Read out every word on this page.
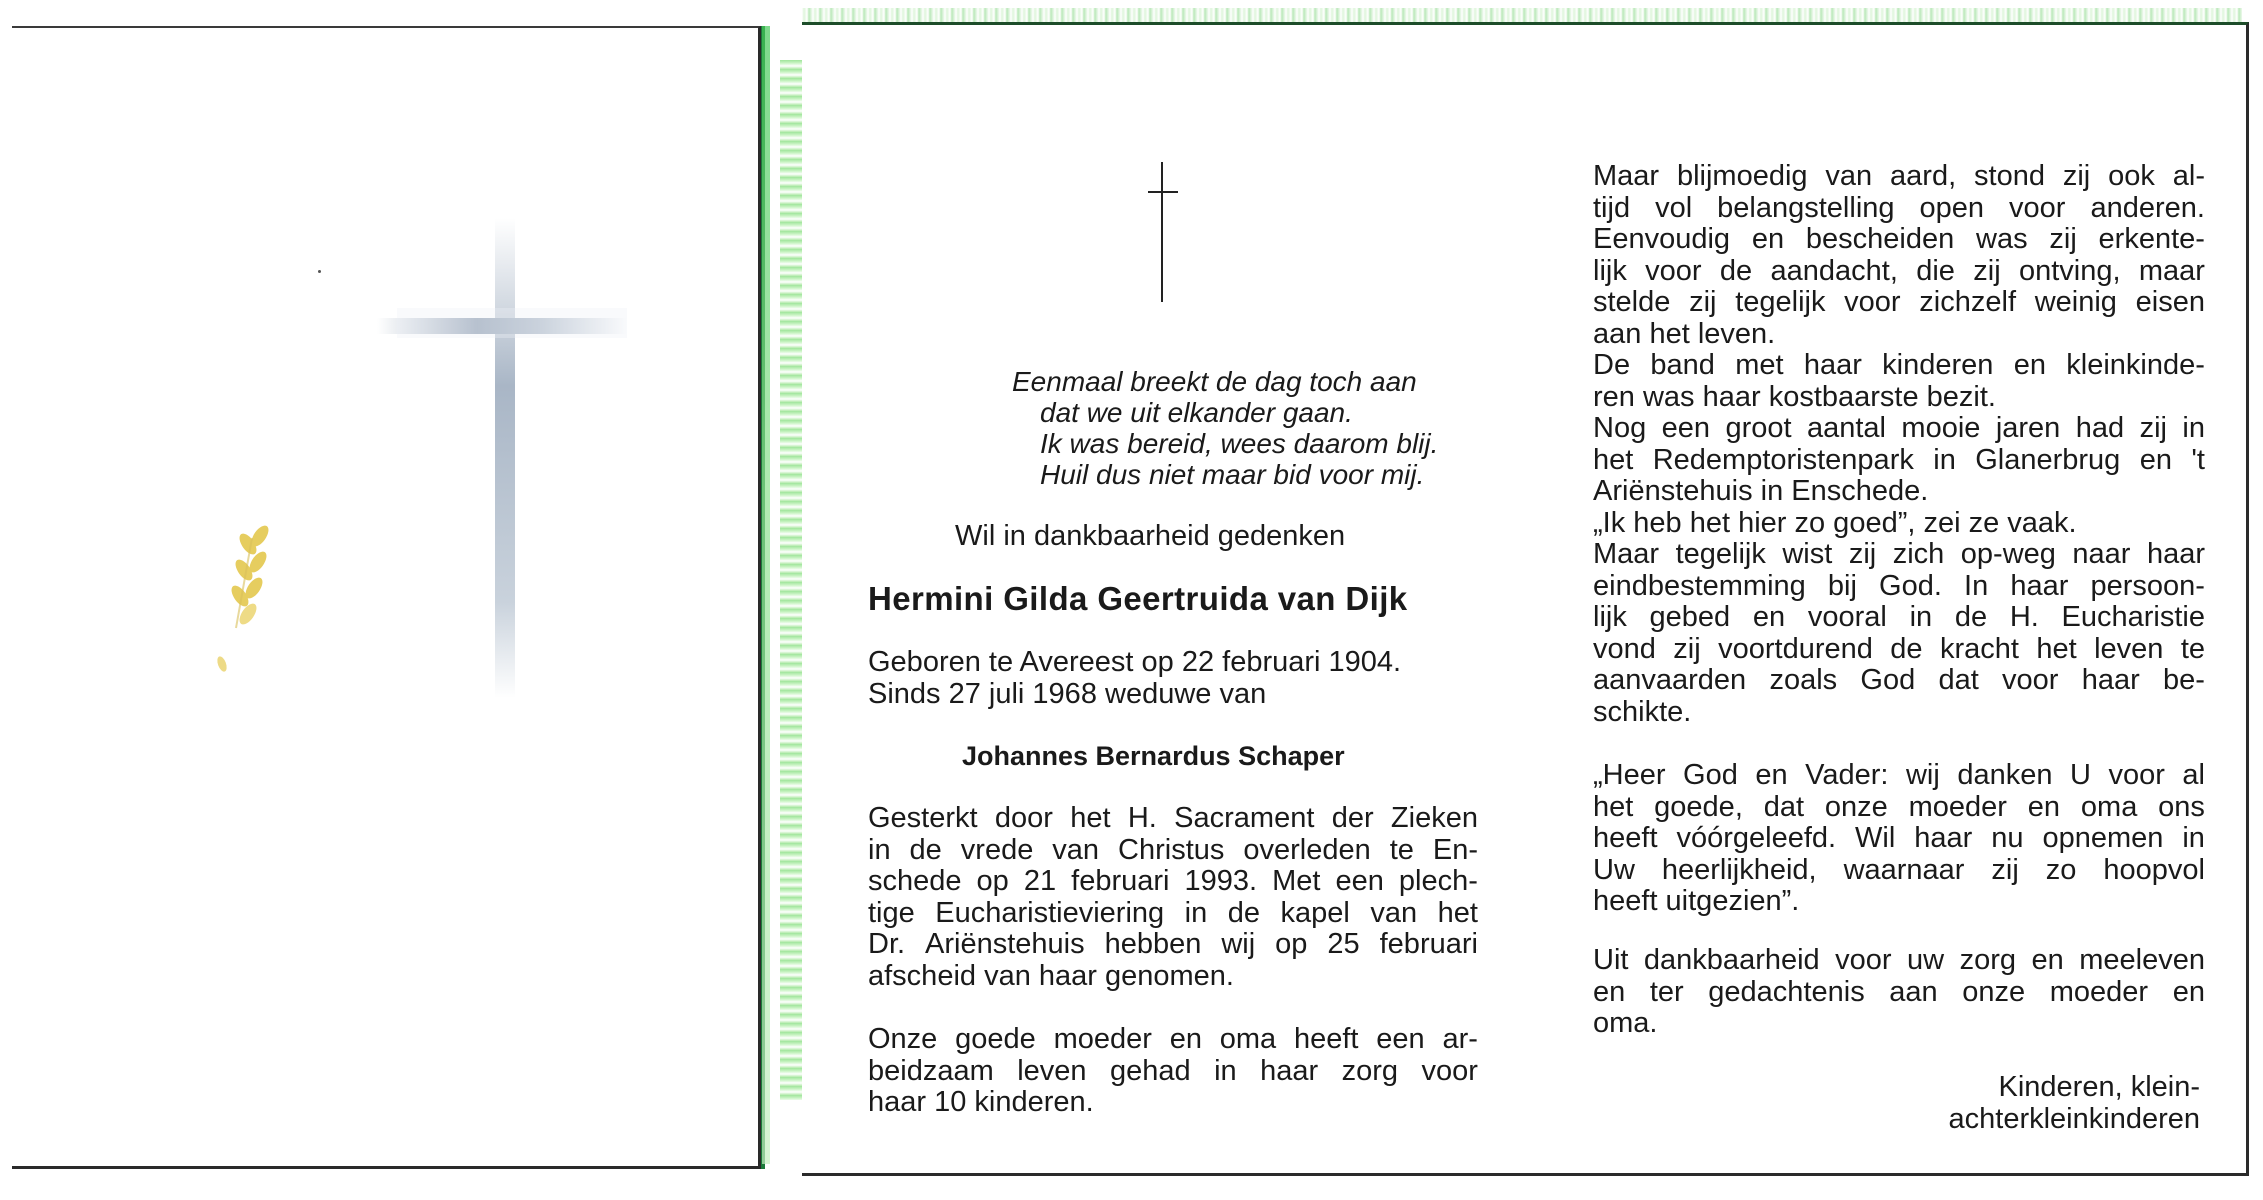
Eenmaal breekt de dag toch aan
dat we uit elkander gaan.
Ik was bereid, wees daarom blij.
Huil dus niet maar bid voor mij.
Wil in dankbaarheid gedenken
Hermini Gilda Geertruida van Dijk
Geboren te Avereest op 22 februari 1904.
Sinds 27 juli 1968 weduwe van
Johannes Bernardus Schaper
Gesterkt door het H. Sacrament der Zieken
in de vrede van Christus overleden te En-
schede op 21 februari 1993. Met een plech-
tige Eucharistieviering in de kapel van het
Dr. Ariënstehuis hebben wij op 25 februari
afscheid van haar genomen.
Onze goede moeder en oma heeft een ar-
beidzaam leven gehad in haar zorg voor
haar 10 kinderen.
Maar blijmoedig van aard, stond zij ook al-
tijd vol belangstelling open voor anderen.
Eenvoudig en bescheiden was zij erkente-
lijk voor de aandacht, die zij ontving, maar
stelde zij tegelijk voor zichzelf weinig eisen
aan het leven.
De band met haar kinderen en kleinkinde-
ren was haar kostbaarste bezit.
Nog een groot aantal mooie jaren had zij in
het Redemptoristenpark in Glanerbrug en 't
Ariënstehuis in Enschede.
„Ik heb het hier zo goed”, zei ze vaak.
Maar tegelijk wist zij zich op-weg naar haar
eindbestemming bij God. In haar persoon-
lijk gebed en vooral in de H. Eucharistie
vond zij voortdurend de kracht het leven te
aanvaarden zoals God dat voor haar be-
schikte.
„Heer God en Vader: wij danken U voor al
het goede, dat onze moeder en oma ons
heeft vóórgeleefd. Wil haar nu opnemen in
Uw heerlijkheid, waarnaar zij zo hoopvol
heeft uitgezien”.
Uit dankbaarheid voor uw zorg en meeleven
en ter gedachtenis aan onze moeder en
oma.
Kinderen, klein-
achterkleinkinderen
